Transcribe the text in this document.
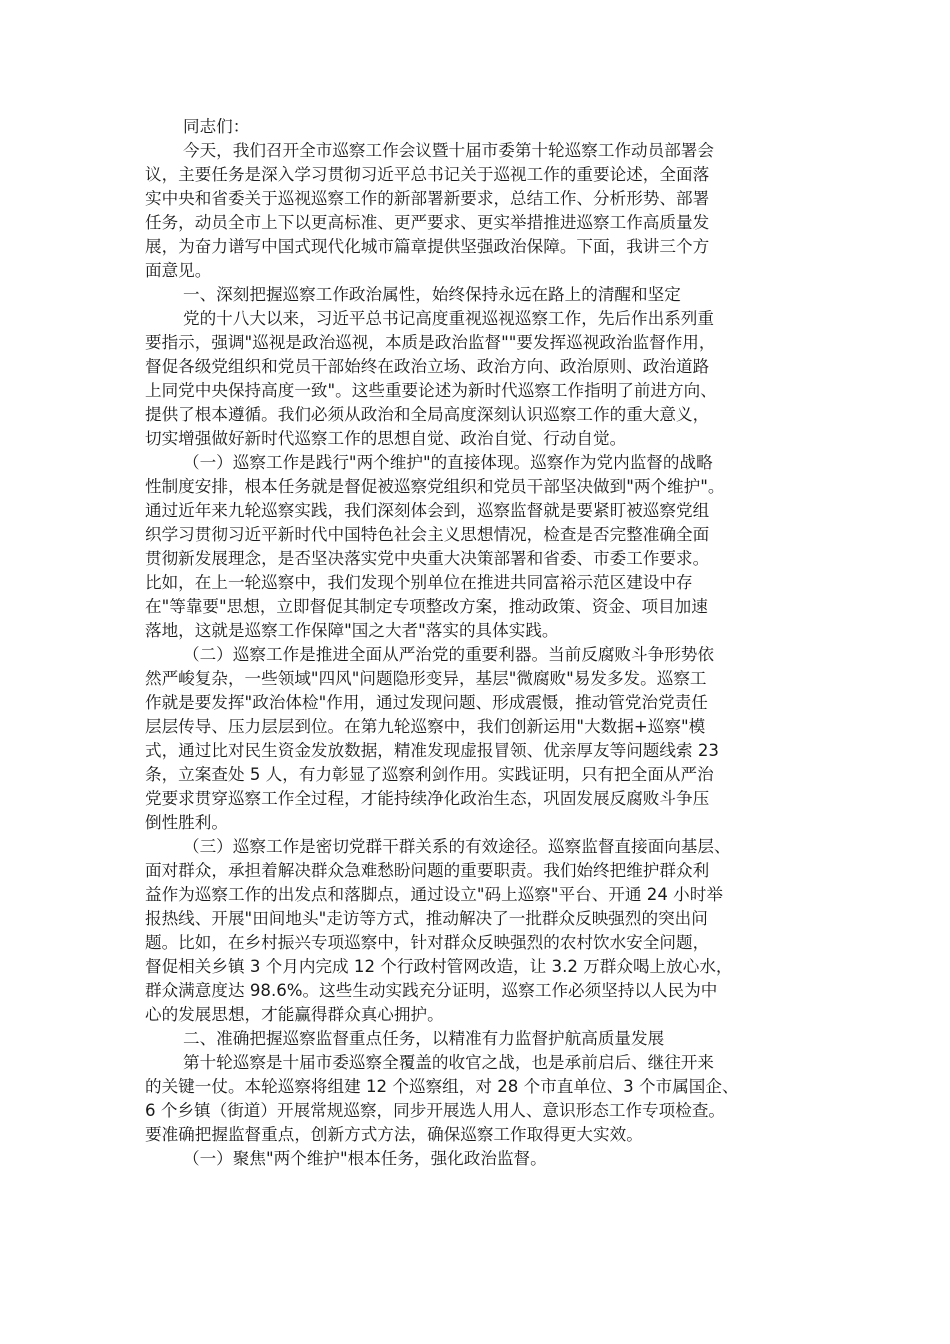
同志们：
今天，我们召开全市巡察工作会议暨十届市委第十轮巡察工作动员部署会
议，主要任务是深入学习贯彻习近平总书记关于巡视工作的重要论述，全面落
实中央和省委关于巡视巡察工作的新部署新要求，总结工作、分析形势、部署
任务，动员全市上下以更高标准、更严要求、更实举措推进巡察工作高质量发
展，为奋力谱写中国式现代化城市篇章提供坚强政治保障。下面，我讲三个方
面意见。
一、深刻把握巡察工作政治属性，始终保持永远在路上的清醒和坚定
党的十八大以来，习近平总书记高度重视巡视巡察工作，先后作出系列重
要指示，强调"巡视是政治巡视，本质是政治监督""要发挥巡视政治监督作用，
督促各级党组织和党员干部始终在政治立场、政治方向、政治原则、政治道路
上同党中央保持高度一致"。这些重要论述为新时代巡察工作指明了前进方向、
提供了根本遵循。我们必须从政治和全局高度深刻认识巡察工作的重大意义，
切实增强做好新时代巡察工作的思想自觉、政治自觉、行动自觉。
（一）巡察工作是践行"两个维护"的直接体现。巡察作为党内监督的战略
性制度安排，根本任务就是督促被巡察党组织和党员干部坚决做到"两个维护"。
通过近年来九轮巡察实践，我们深刻体会到，巡察监督就是要紧盯被巡察党组
织学习贯彻习近平新时代中国特色社会主义思想情况，检查是否完整准确全面
贯彻新发展理念，是否坚决落实党中央重大决策部署和省委、市委工作要求。
比如，在上一轮巡察中，我们发现个别单位在推进共同富裕示范区建设中存
在"等靠要"思想，立即督促其制定专项整改方案，推动政策、资金、项目加速
落地，这就是巡察工作保障"国之大者"落实的具体实践。
（二）巡察工作是推进全面从严治党的重要利器。当前反腐败斗争形势依
然严峻复杂，一些领域"四风"问题隐形变异，基层"微腐败"易发多发。巡察工
作就是要发挥"政治体检"作用，通过发现问题、形成震慑，推动管党治党责任
层层传导、压力层层到位。在第九轮巡察中，我们创新运用"大数据+巡察"模
式，通过比对民生资金发放数据，精准发现虚报冒领、优亲厚友等问题线索 23
条，立案查处 5 人，有力彰显了巡察利剑作用。实践证明，只有把全面从严治
党要求贯穿巡察工作全过程，才能持续净化政治生态，巩固发展反腐败斗争压
倒性胜利。
（三）巡察工作是密切党群干群关系的有效途径。巡察监督直接面向基层、
面对群众，承担着解决群众急难愁盼问题的重要职责。我们始终把维护群众利
益作为巡察工作的出发点和落脚点，通过设立"码上巡察"平台、开通 24 小时举
报热线、开展"田间地头"走访等方式，推动解决了一批群众反映强烈的突出问
题。比如，在乡村振兴专项巡察中，针对群众反映强烈的农村饮水安全问题，
督促相关乡镇 3 个月内完成 12 个行政村管网改造，让 3.2 万群众喝上放心水，
群众满意度达 98.6%。这些生动实践充分证明，巡察工作必须坚持以人民为中
心的发展思想，才能赢得群众真心拥护。
二、准确把握巡察监督重点任务，以精准有力监督护航高质量发展
第十轮巡察是十届市委巡察全覆盖的收官之战，也是承前启后、继往开来
的关键一仗。本轮巡察将组建 12 个巡察组，对 28 个市直单位、3 个市属国企、
6 个乡镇（街道）开展常规巡察，同步开展选人用人、意识形态工作专项检查。
要准确把握监督重点，创新方式方法，确保巡察工作取得更大实效。
（一）聚焦"两个维护"根本任务，强化政治监督。
